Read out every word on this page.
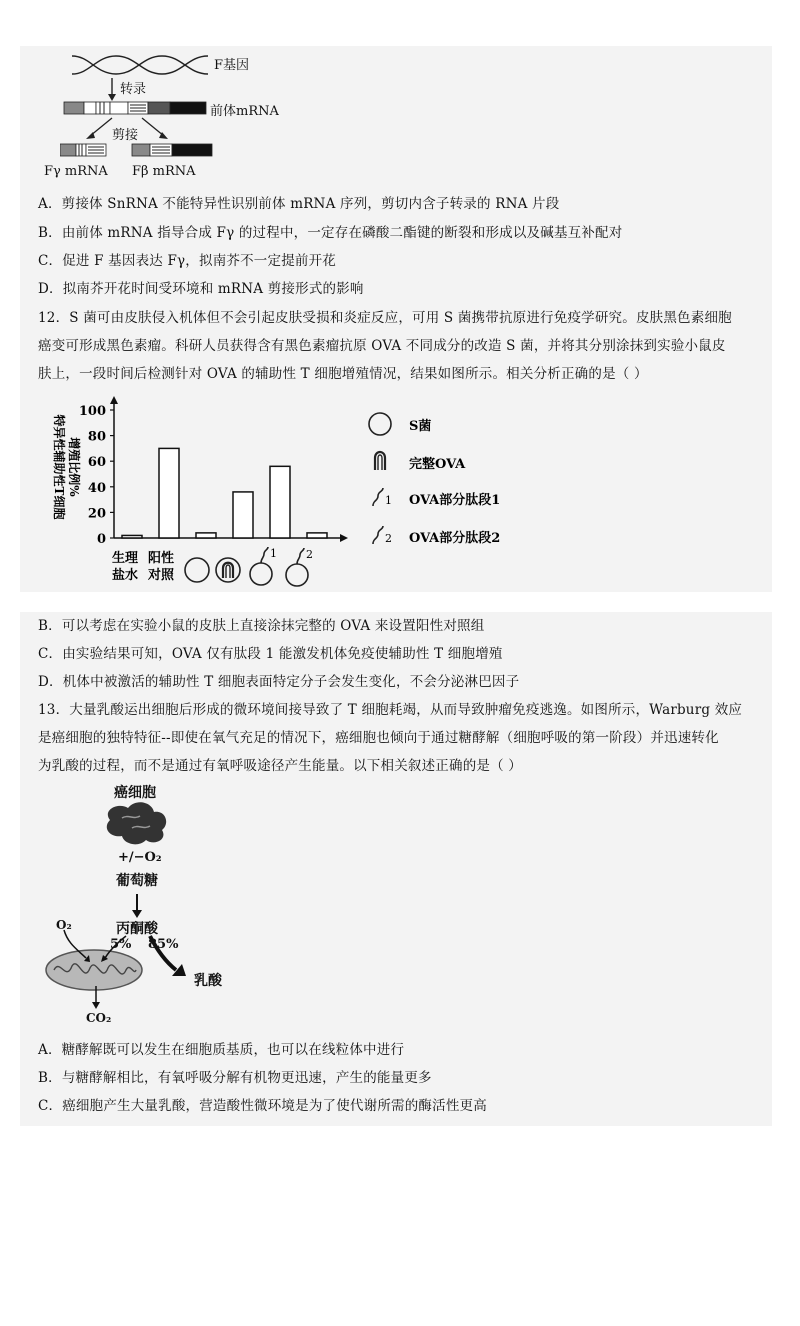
F基因
转录
前体mRNA
剪接
Fγ mRNA Fβ mRNA
A．剪接体 SnRNA 不能特异性识别前体 mRNA 序列，剪切内含子转录的 RNA 片段
B．由前体 mRNA 指导合成 Fγ 的过程中，一定存在磷酸二酯键的断裂和形成以及碱基互补配对
C．促进 F 基因表达 Fγ，拟南芥不一定提前开花
D．拟南芥开花时间受环境和 mRNA 剪接形式的影响
12．S 菌可由皮肤侵入机体但不会引起皮肤受损和炎症反应，可用 S 菌携带抗原进行免疫学研究。皮肤黑色素细胞
癌变可形成黑色素瘤。科研人员获得含有黑色素瘤抗原 OVA 不同成分的改造 S 菌，并将其分别涂抹到实验小鼠皮
肤上，一段时间后检测针对 OVA 的辅助性 T 细胞增殖情况，结果如图所示。相关分析正确的是（ ）
0
20
40
60
80
100
特异性辅助性T细胞 增殖比例%
生理
盐水
阳性
对照
1	2
1
2
S菌
完整OVA
OVA部分肽段1
OVA部分肽段2
B．可以考虑在实验小鼠的皮肤上直接涂抹完整的 OVA 来设置阳性对照组
C．由实验结果可知，OVA 仅有肽段 1 能激发机体免疫使辅助性 T 细胞增殖
D．机体中被激活的辅助性 T 细胞表面特定分子会发生变化，不会分泌淋巴因子
13．大量乳酸运出细胞后形成的微环境间接导致了 T 细胞耗竭，从而导致肿瘤免疫逃逸。如图所示，Warburg 效应
是癌细胞的独特特征--即使在氧气充足的情况下，癌细胞也倾向于通过糖酵解（细胞呼吸的第一阶段）并迅速转化
为乳酸的过程，而不是通过有氧呼吸途径产生能量。以下相关叙述正确的是（ ）
癌细胞
+/−O₂
葡萄糖
丙酮酸
O₂
5% 85%
乳酸
CO₂
A．糖酵解既可以发生在细胞质基质，也可以在线粒体中进行
B．与糖酵解相比，有氧呼吸分解有机物更迅速，产生的能量更多
C．癌细胞产生大量乳酸，营造酸性微环境是为了使代谢所需的酶活性更高
